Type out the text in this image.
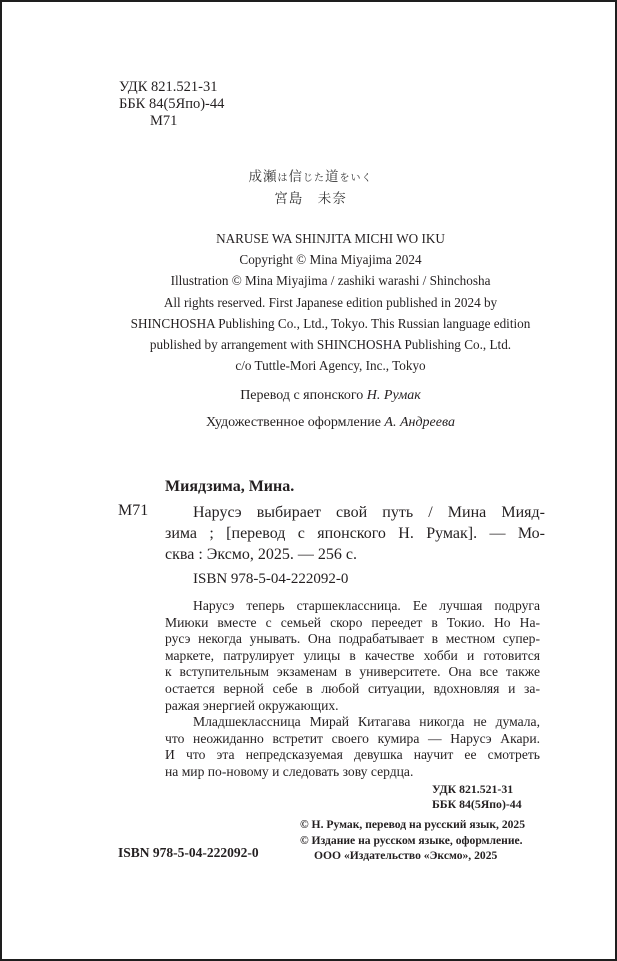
УДК 821.521-31
ББК 84(5Япо)-44
М71
成瀬は信じた道をいく
宮島　未奈
NARUSE WA SHINJITA MICHI WO IKU
Copyright © Mina Miyajima 2024
Illustration © Mina Miyajima / zashiki warashi / Shinchosha
All rights reserved. First Japanese edition published in 2024 by
SHINCHOSHA Publishing Co., Ltd., Tokyo. This Russian language edition
published by arrangement with SHINCHOSHA Publishing Co., Ltd.
c/o Tuttle-Mori Agency, Inc., Tokyo
Перевод с японского Н. Румак
Художественное оформление А. Андреева
Миядзима, Мина.
М71	Нарусэ выбирает свой путь / Мина Мияд-
зима ; [перевод с японского Н. Румак]. — Мо-
сква : Эксмо, 2025. — 256 с.
ISBN 978-5-04-222092-0
Нарусэ теперь старшеклассница. Ее лучшая подруга
Миюки вместе с семьей скоро переедет в Токио. Но На-
русэ некогда унывать. Она подрабатывает в местном супер-
маркете, патрулирует улицы в качестве хобби и готовится
к вступительным экзаменам в университете. Она все также
остается верной себе в любой ситуации, вдохновляя и за-
ражая энергией окружающих.
Младшеклассница Мирай Китагава никогда не думала,
что неожиданно встретит своего кумира — Нарусэ Акари.
И что эта непредсказуемая девушка научит ее смотреть
на мир по-новому и следовать зову сердца.
УДК 821.521-31
ББК 84(5Япо)-44
© Н. Румак, перевод на русский язык, 2025
© Издание на русском языке, оформление.
ООО «Издательство «Эксмо», 2025
ISBN 978-5-04-222092-0
